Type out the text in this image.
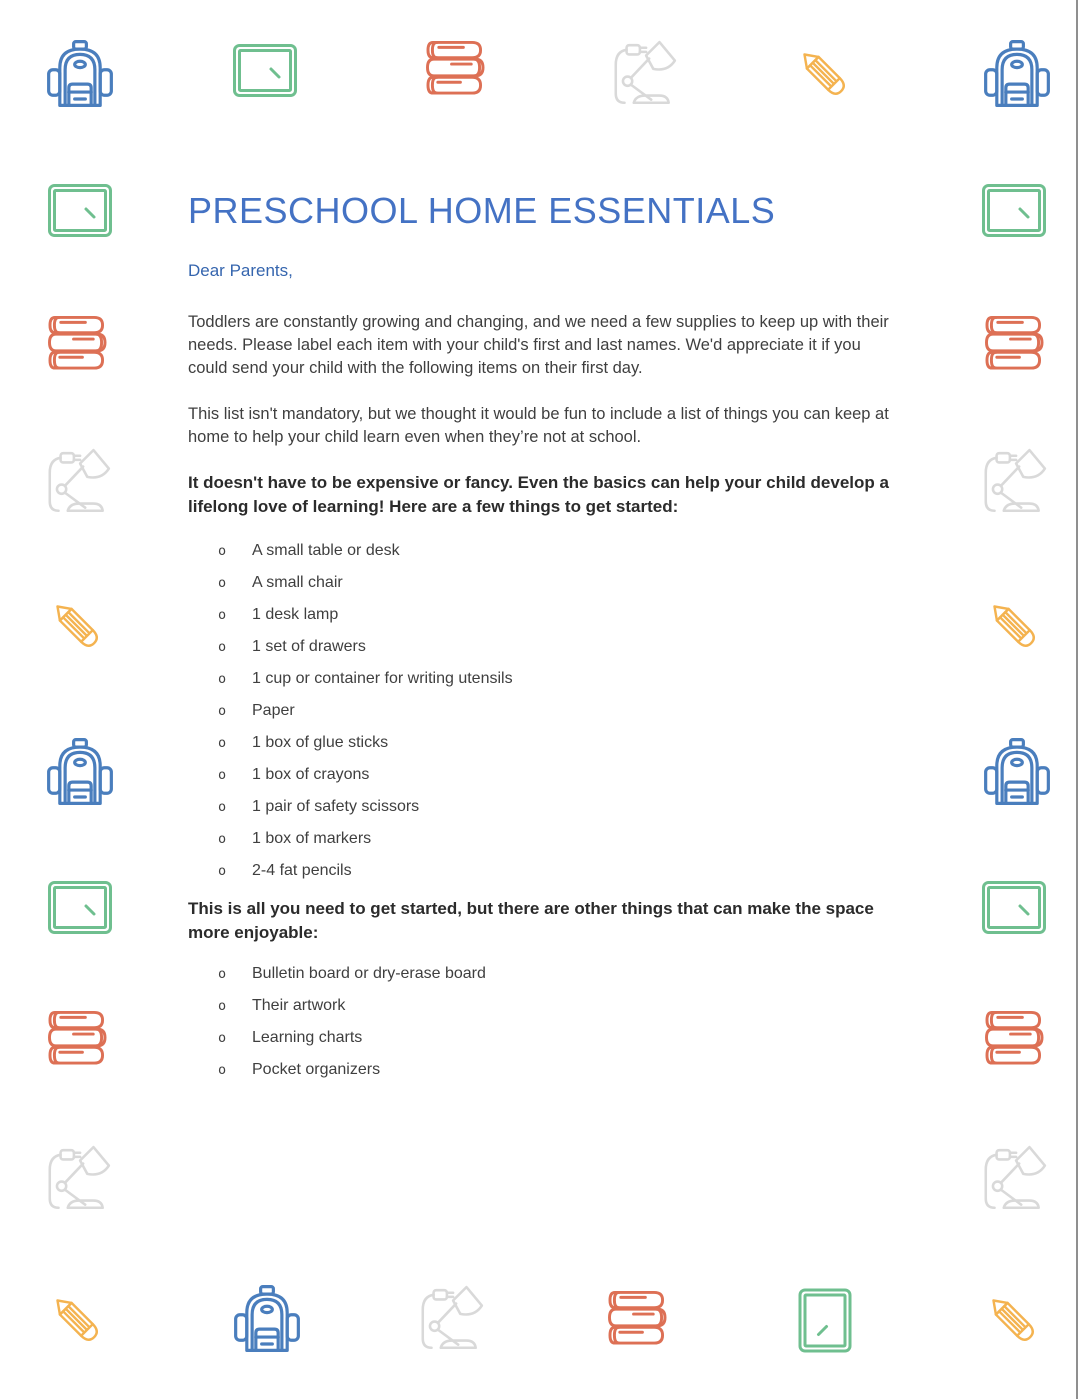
PRESCHOOL HOME ESSENTIALS
Dear Parents,

Toddlers are constantly growing and changing, and we need a few supplies to keep up with their needs. Please label each item with your child's first and last names. We'd appreciate it if you could send your child with the following items on their first day.

This list isn't mandatory, but we thought it would be fun to include a list of things you can keep at home to help your child learn even when they’re not at school.

It doesn't have to be expensive or fancy. Even the basics can help your child develop a lifelong love of learning! Here are a few things to get started:

o	A small table or desk
o	A small chair
o	1 desk lamp
o	1 set of drawers
o	1 cup or container for writing utensils
o	Paper
o	1 box of glue sticks
o	1 box of crayons
o	1 pair of safety scissors
o	1 box of markers
o	2-4 fat pencils

This is all you need to get started, but there are other things that can make the space more enjoyable:

o	Bulletin board or dry-erase board
o	Their artwork
o	Learning charts
o	Pocket organizers
